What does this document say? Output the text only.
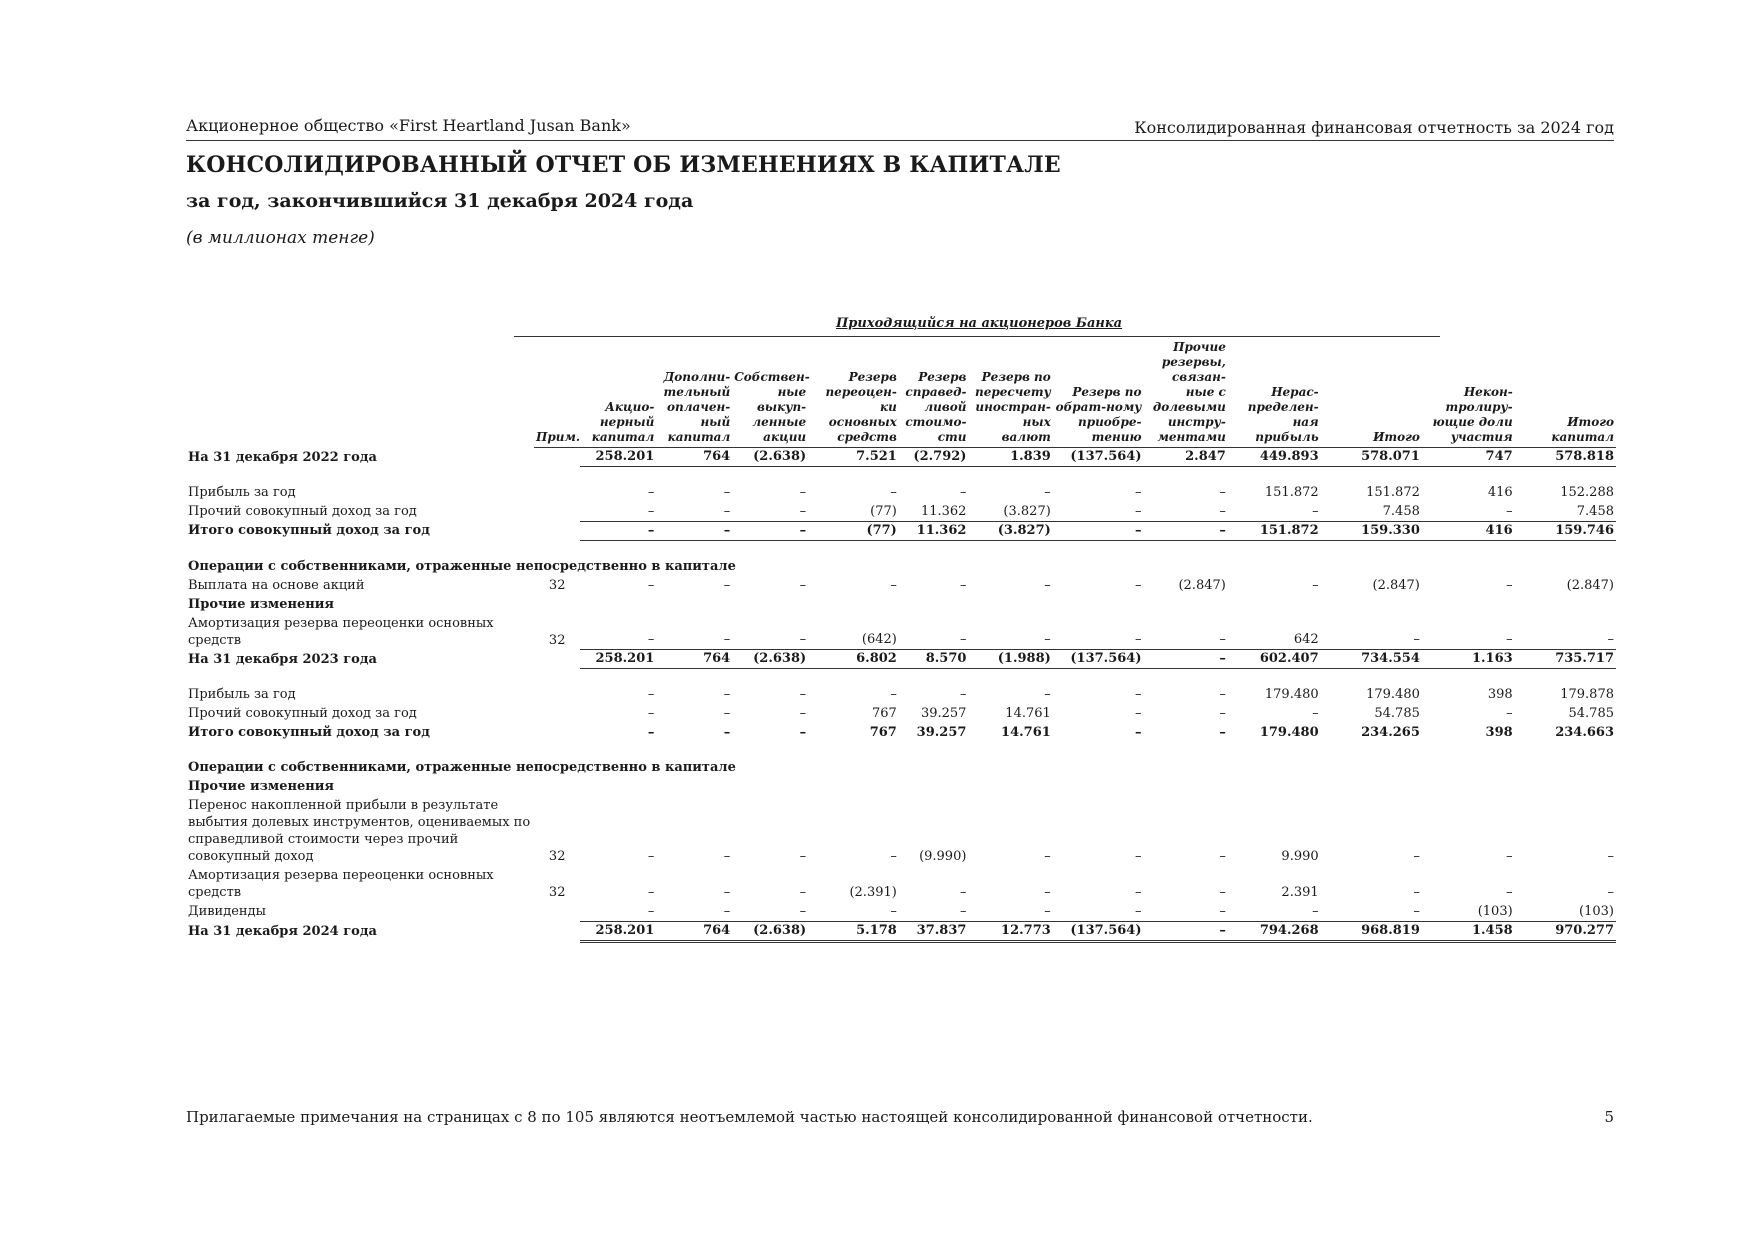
Акционерное общество «First Heartland Jusan Bank»	Консолидированная финансовая отчетность за 2024 год
КОНСОЛИДИРОВАННЫЙ ОТЧЕТ ОБ ИЗМЕНЕНИЯХ В КАПИТАЛЕ
за год, закончившийся 31 декабря 2024 года
(в миллионах тенге)
Приходящийся на акционеров Банка
	Прим.	Акцио-нерный капитал	Дополни-тельный оплачен-ный капитал	Собствен-ные выкуп-ленные акции	Резерв переоцен-ки основных средств	Резерв справед-ливой стоимо-сти	Резерв по пересчету иностран-ных валют	Резерв по обрат-ному приобре-тению	Прочие резервы, связан-ные с долевыми инстру-ментами	Нерас-пределен-ная прибыль	Итого	Некон-тролиру-ющие доли участия	Итого капитал
На 31 декабря 2022 года		258.201	764	(2.638)	7.521	(2.792)	1.839	(137.564)	2.847	449.893	578.071	747	578.818

Прибыль за год		–	–	–	–	–	–	–	–	151.872	151.872	416	152.288
Прочий совокупный доход за год		–	–	–	(77)	11.362	(3.827)	–	–	–	7.458	–	7.458
Итого совокупный доход за год		–	–	–	(77)	11.362	(3.827)	–	–	151.872	159.330	416	159.746

Операции с собственниками, отраженные непосредственно в капитале													
Выплата на основе акций	32	–	–	–	–	–	–	–	(2.847)	–	(2.847)	–	(2.847)
Прочие изменения													
Амортизация резерва переоценки основных средств	32	–	–	–	(642)	–	–	–	–	642	–	–	–
На 31 декабря 2023 года		258.201	764	(2.638)	6.802	8.570	(1.988)	(137.564)	–	602.407	734.554	1.163	735.717

Прибыль за год		–	–	–	–	–	–	–	–	179.480	179.480	398	179.878
Прочий совокупный доход за год		–	–	–	767	39.257	14.761	–	–	–	54.785	–	54.785
Итого совокупный доход за год		–	–	–	767	39.257	14.761	–	–	179.480	234.265	398	234.663

Операции с собственниками, отраженные непосредственно в капитале													
Прочие изменения													
Перенос накопленной прибыли в результате выбытия долевых инструментов, оцениваемых по справедливой стоимости через прочий совокупный доход	32	–	–	–	–	(9.990)	–	–	–	9.990	–	–	–
Амортизация резерва переоценки основных средств	32	–	–	–	(2.391)	–	–	–	–	2.391	–	–	–
Дивиденды		–	–	–	–	–	–	–	–	–	–	(103)	(103)
На 31 декабря 2024 года		258.201	764	(2.638)	5.178	37.837	12.773	(137.564)	–	794.268	968.819	1.458	970.277
Прилагаемые примечания на страницах с 8 по 105 являются неотъемлемой частью настоящей консолидированной финансовой отчетности.	5
